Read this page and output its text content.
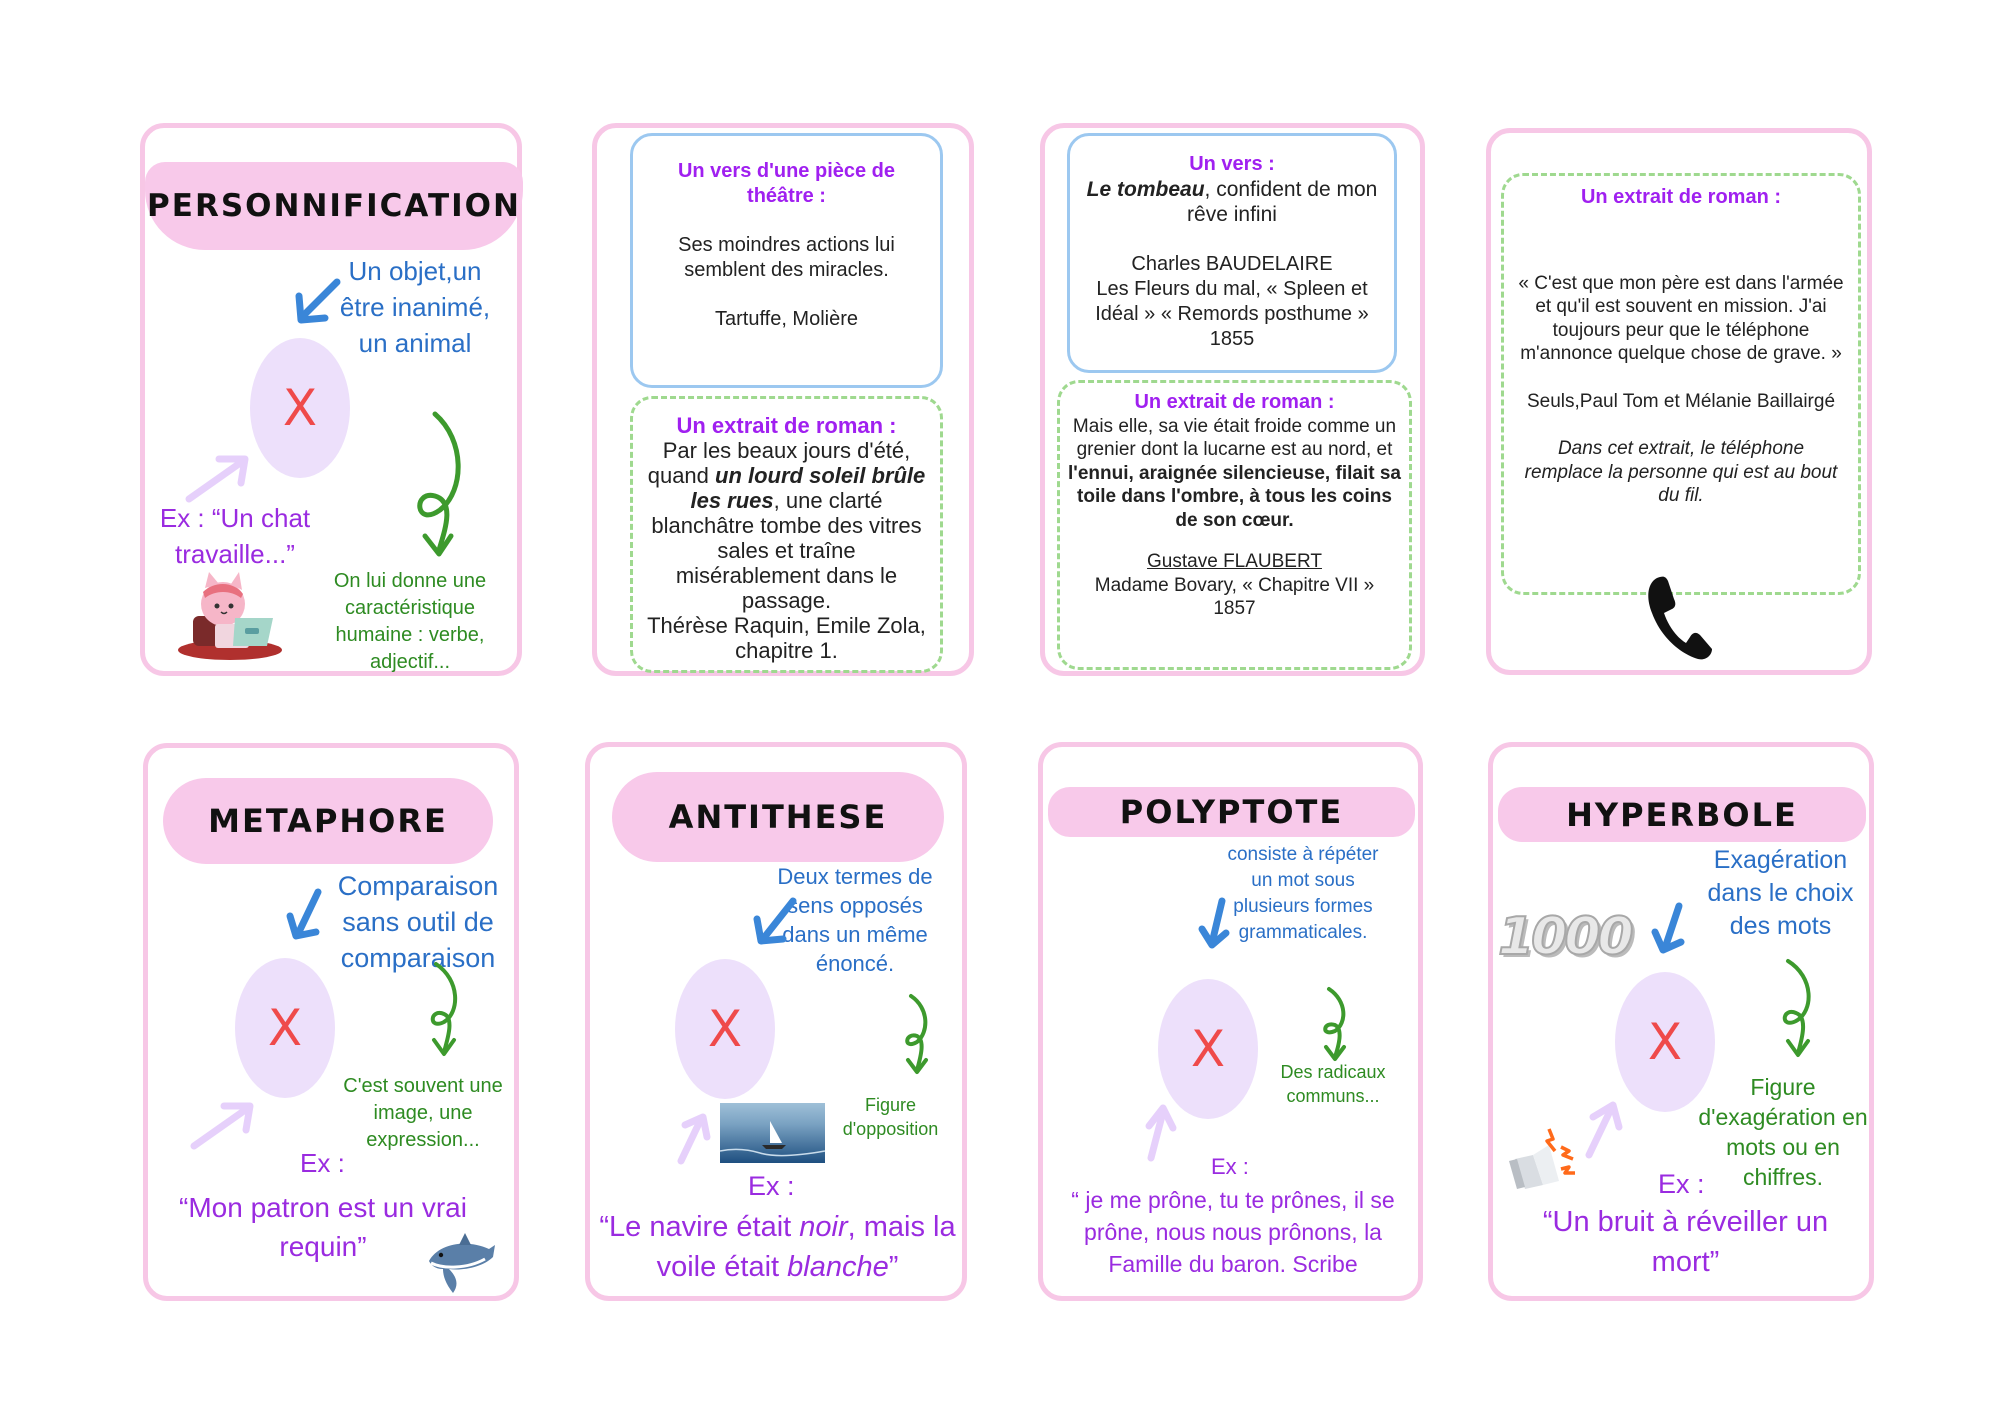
PERSONNIFICATION
Un objet,un être inanimé, un animal
X
Ex : “Un chat travaille...”
On lui donne une caractéristique humaine : verbe, adjectif...
Un vers d'une pièce de théâtre :
Ses moindres actions lui semblent des miracles.
Tartuffe, Molière
Un extrait de roman :
Par les beaux jours d'été, quand un lourd soleil brûle les rues, une clarté blanchâtre tombe des vitres sales et traîne misérablement dans le passage.
Thérèse Raquin, Emile Zola, chapitre 1.
Un vers :
Le tombeau, confident de mon rêve infini
Charles BAUDELAIRE
Les Fleurs du mal, « Spleen et Idéal » « Remords posthume »
1855
Un extrait de roman :
Mais elle, sa vie était froide comme un grenier dont la lucarne est au nord, et l'ennui, araignée silencieuse, filait sa toile dans l'ombre, à tous les coins de son cœur.
Gustave FLAUBERT
Madame Bovary, « Chapitre VII »
1857
Un extrait de roman :
« C'est que mon père est dans l'armée et qu'il est souvent en mission. J'ai toujours peur que le téléphone m'annonce quelque chose de grave. »
Seuls,Paul Tom et Mélanie Baillairgé
Dans cet extrait, le téléphone remplace la personne qui est au bout du fil.
METAPHORE
Comparaison sans outil de comparaison
X
C'est souvent une image, une expression...
Ex :
“Mon patron est un vrai requin”
ANTITHESE
Deux termes de sens opposés dans un même énoncé.
X
Figure d'opposition
Ex :
“Le navire était noir, mais la voile était blanche”
POLYPTOTE
consiste à répéter un mot sous plusieurs formes grammaticales.
X	Des radicaux communs...
Ex :
“ je me prône, tu te prônes, il se prône, nous nous prônons, la Famille du baron. Scribe
HYPERBOLE
Exagération dans le choix des mots
1000
X
Figure d'exagération en mots ou en chiffres.
Ex :
“Un bruit à réveiller un mort”
